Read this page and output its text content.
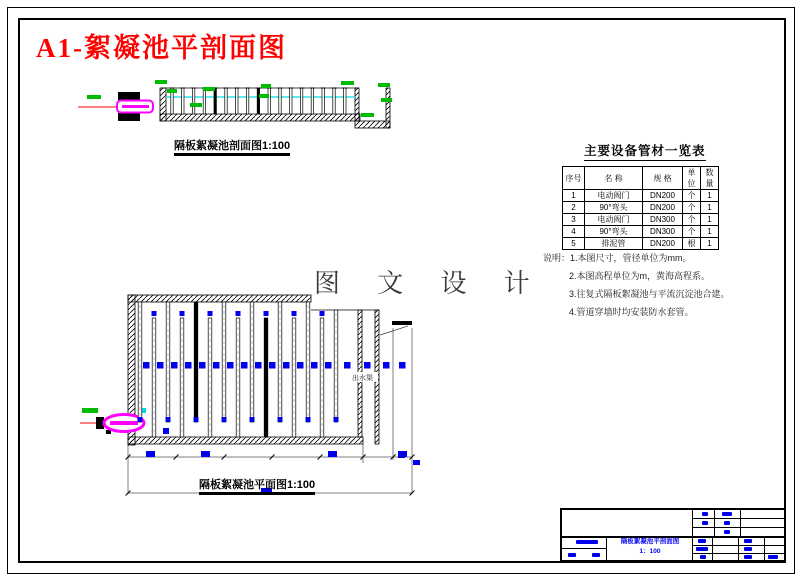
A1-絮凝池平剖面图
隔板絮凝池剖面图1:100	主要设备管材一览表
序号	名 称	规 格	单位	数量
1	电动阀门	DN200	个	1
2	90°弯头	DN200	个	1
3	电动阀门	DN300	个	1
4	90°弯头	DN300	个	1
5	排泥管	DN200	根	1
说明：1.本图尺寸，管径单位为mm。
2.本图高程单位为m，黄海高程系。
3.往复式隔板絮凝池与平流沉淀池合建。
4.管道穿墙时均安装防水套管。
图 文 设 计
出水渠
隔板絮凝池平面图1:100
隔板絮凝池平剖面图
1：100
